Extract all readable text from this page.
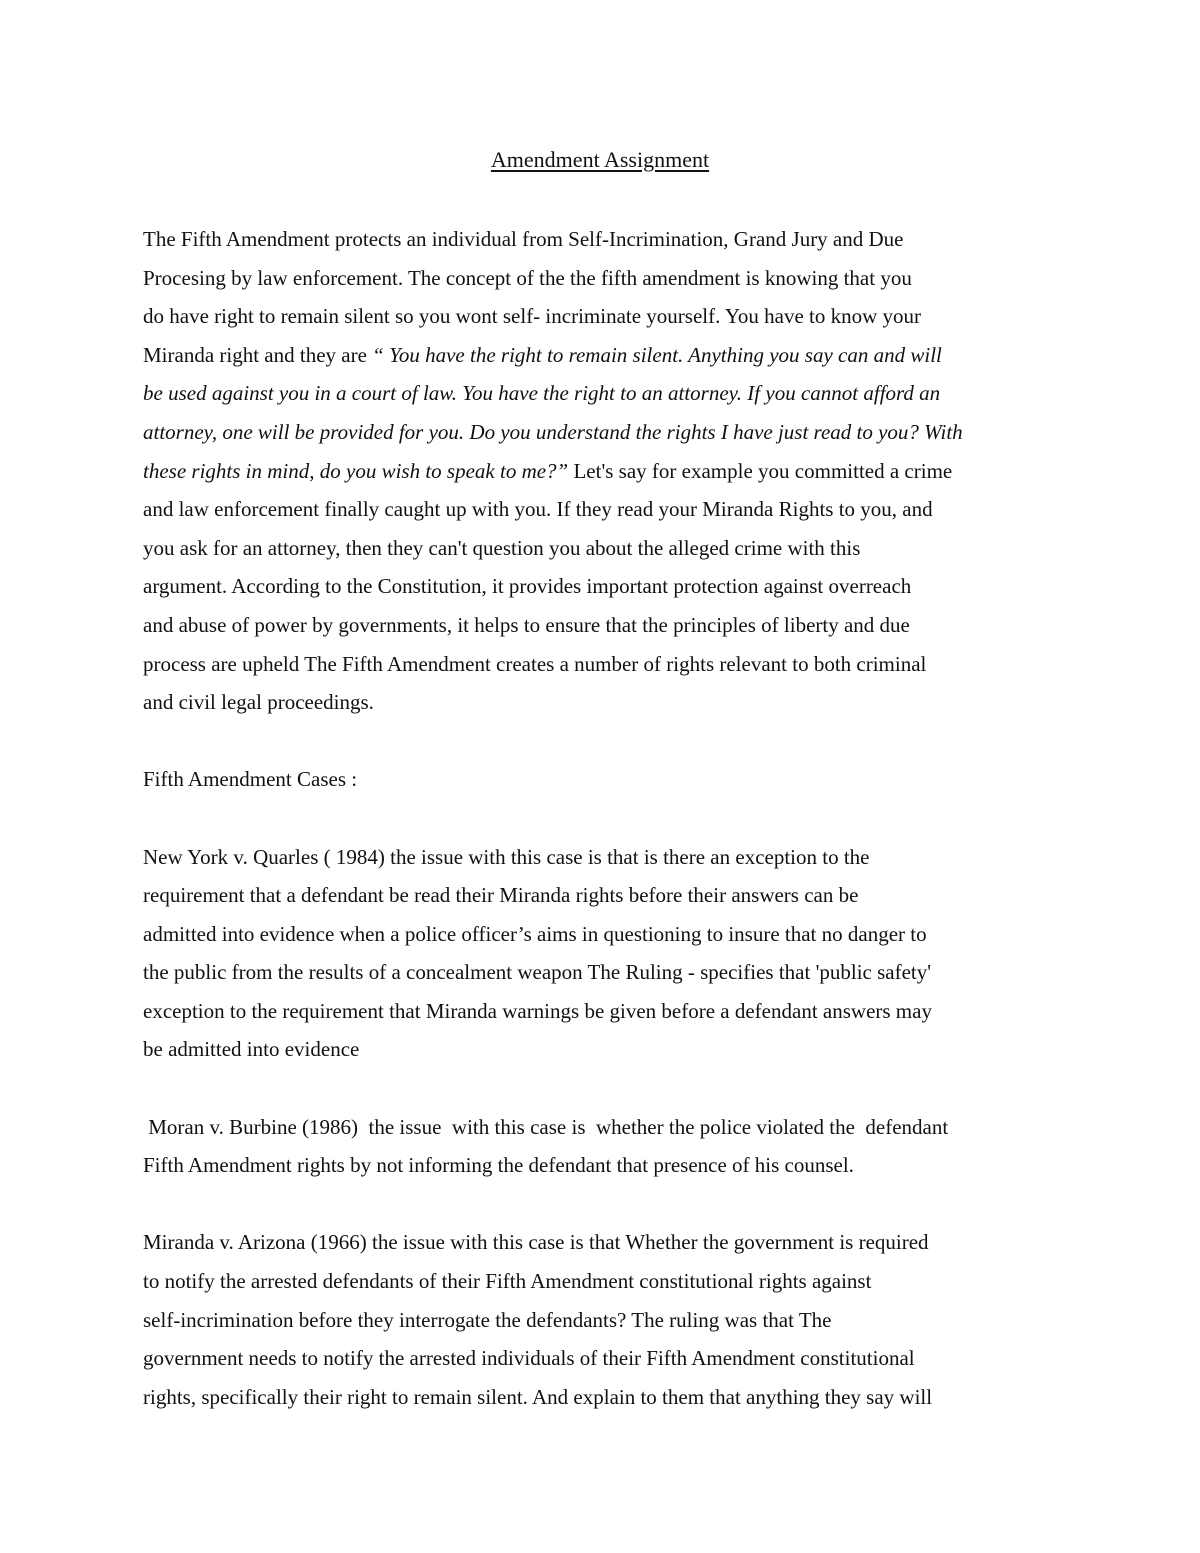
Amendment Assignment

The Fifth Amendment protects an individual from Self-Incrimination, Grand Jury and Due
Procesing by law enforcement. The concept of the the fifth amendment is knowing that you
do have right to remain silent so you wont self- incriminate yourself. You have to know your
Miranda right and they are “ You have the right to remain silent. Anything you say can and will
be used against you in a court of law. You have the right to an attorney. If you cannot afford an
attorney, one will be provided for you. Do you understand the rights I have just read to you? With
these rights in mind, do you wish to speak to me?” Let's say for example you committed a crime
and law enforcement finally caught up with you. If they read your Miranda Rights to you, and
you ask for an attorney, then they can't question you about the alleged crime with this
argument. According to the Constitution, it provides important protection against overreach
and abuse of power by governments, it helps to ensure that the principles of liberty and due
process are upheld The Fifth Amendment creates a number of rights relevant to both criminal
and civil legal proceedings.

Fifth Amendment Cases :

New York v. Quarles ( 1984) the issue with this case is that is there an exception to the
requirement that a defendant be read their Miranda rights before their answers can be
admitted into evidence when a police officer’s aims in questioning to insure that no danger to
the public from the results of a concealment weapon The Ruling - specifies that 'public safety'
exception to the requirement that Miranda warnings be given before a defendant answers may
be admitted into evidence

Moran v. Burbine (1986)  the issue  with this case is  whether the police violated the  defendant
Fifth Amendment rights by not informing the defendant that presence of his counsel.

Miranda v. Arizona (1966) the issue with this case is that Whether the government is required
to notify the arrested defendants of their Fifth Amendment constitutional rights against
self-incrimination before they interrogate the defendants? The ruling was that The
government needs to notify the arrested individuals of their Fifth Amendment constitutional
rights, specifically their right to remain silent. And explain to them that anything they say will
